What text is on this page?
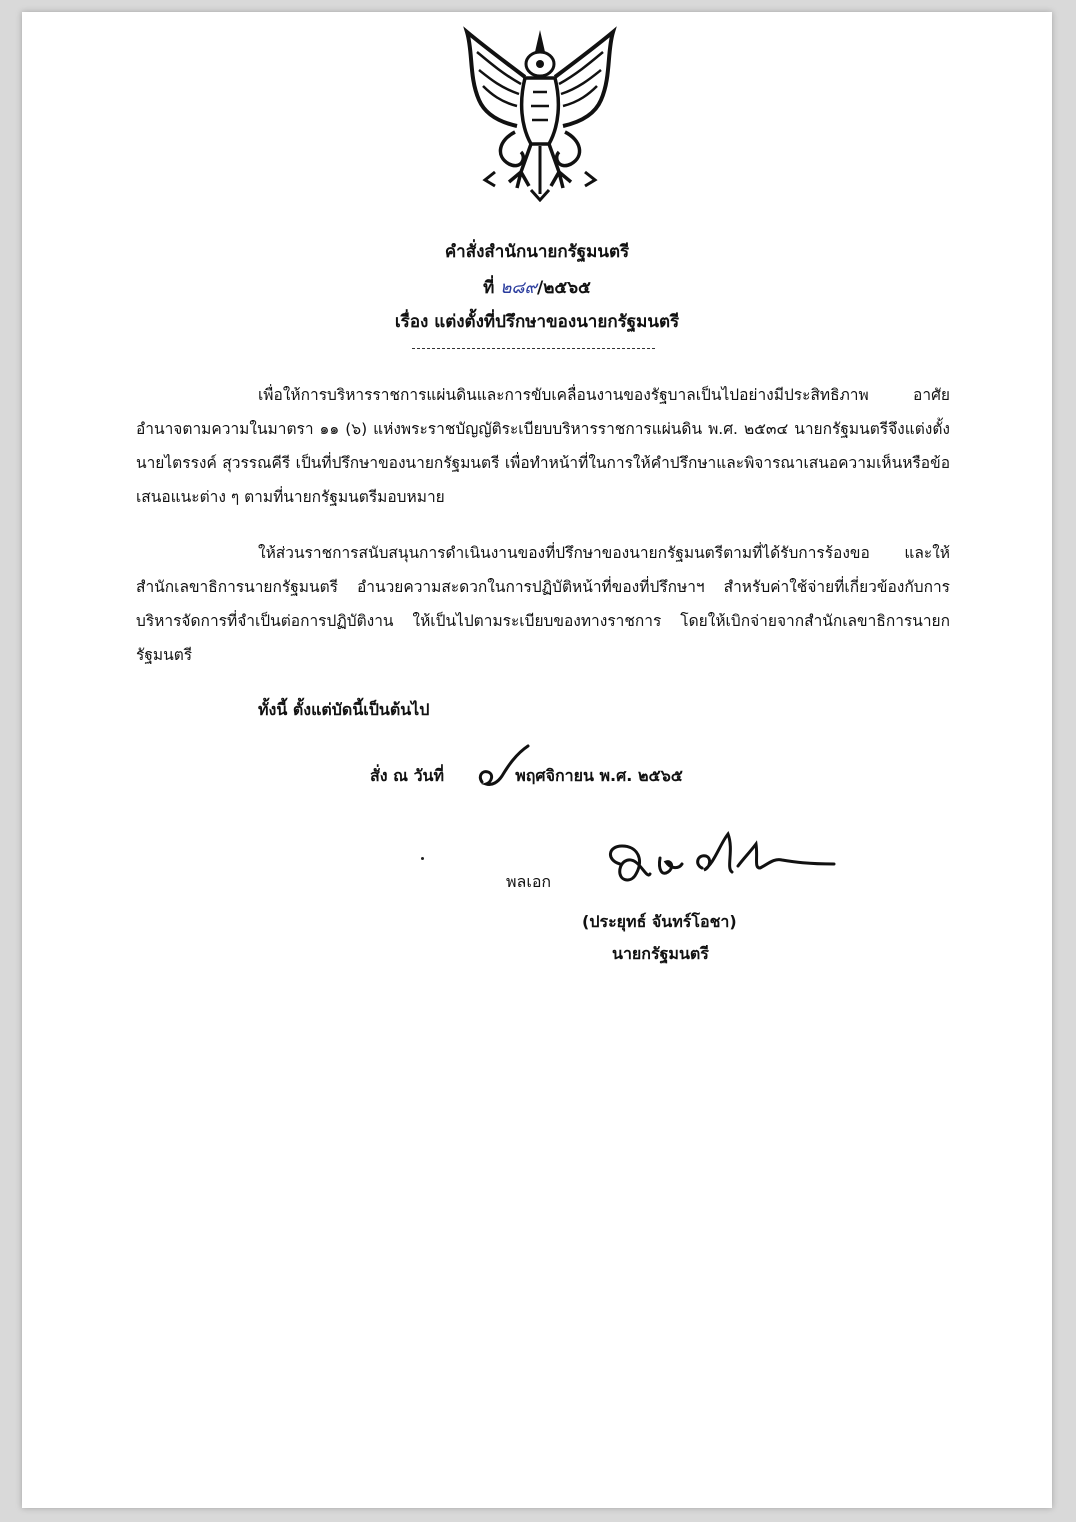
คำสั่งสำนักนายกรัฐมนตรี
ที่ ๒๘๙/๒๕๖๕
เรื่อง แต่งตั้งที่ปรึกษาของนายกรัฐมนตรี

เพื่อให้การบริหารราชการแผ่นดินและการขับเคลื่อนงานของรัฐบาลเป็นไปอย่างมีประสิทธิภาพ อาศัยอำนาจตามความในมาตรา ๑๑ (๖) แห่งพระราชบัญญัติระเบียบบริหารราชการแผ่นดิน พ.ศ. ๒๕๓๔ นายกรัฐมนตรีจึงแต่งตั้ง นายไตรรงค์ สุวรรณคีรี เป็นที่ปรึกษาของนายกรัฐมนตรี เพื่อทำหน้าที่ในการให้คำปรึกษาและพิจารณาเสนอความเห็นหรือข้อเสนอแนะต่าง ๆ ตามที่นายกรัฐมนตรีมอบหมาย

ให้ส่วนราชการสนับสนุนการดำเนินงานของที่ปรึกษาของนายกรัฐมนตรีตามที่ได้รับการร้องขอ และให้สำนักเลขาธิการนายกรัฐมนตรี อำนวยความสะดวกในการปฏิบัติหน้าที่ของที่ปรึกษาฯ สำหรับค่าใช้จ่ายที่เกี่ยวข้องกับการบริหารจัดการที่จำเป็นต่อการปฏิบัติงาน ให้เป็นไปตามระเบียบของทางราชการ โดยให้เบิกจ่ายจากสำนักเลขาธิการนายกรัฐมนตรี

ทั้งนี้ ตั้งแต่บัดนี้เป็นต้นไป
สั่ง ณ วันที่	พฤศจิกายน พ.ศ. ๒๕๖๕
พลเอก
(ประยุทธ์ จันทร์โอชา)
นายกรัฐมนตรี
